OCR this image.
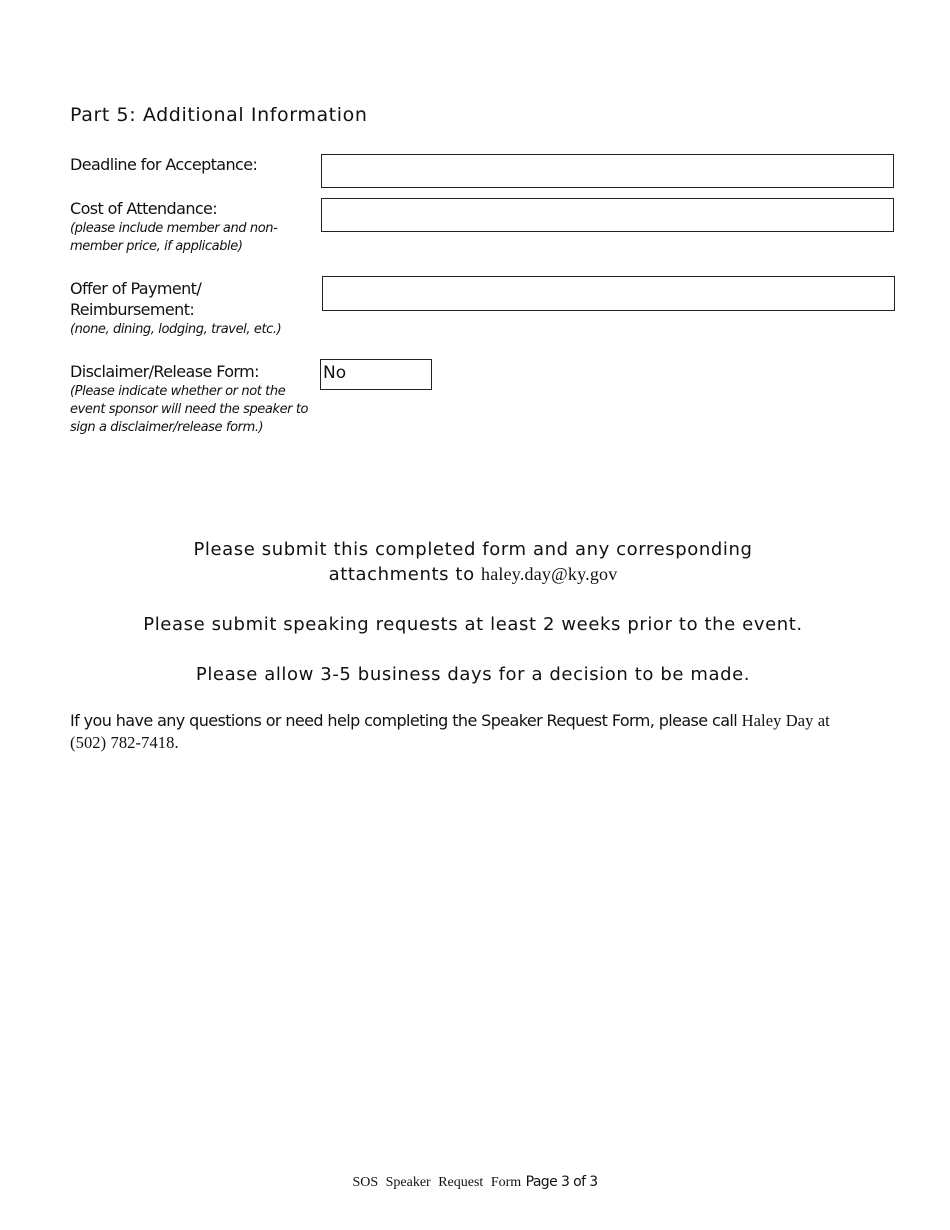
Part 5: Additional Information
Deadline for Acceptance:
Cost of Attendance:
(please include member and non-member price, if applicable)
Offer of Payment/ Reimbursement:
(none, dining, lodging, travel, etc.)
Disclaimer/Release Form:
(Please indicate whether or not the event sponsor will need the speaker to sign a disclaimer/release form.)
No
Please submit this completed form and any corresponding
attachments to haley.day@ky.gov
Please submit speaking requests at least 2 weeks prior to the event.
Please allow 3-5 business days for a decision to be made.
If you have any questions or need help completing the Speaker Request Form, please call Haley Day at (502) 782-7418.
SOS Speaker Request Form Page 3 of 3
